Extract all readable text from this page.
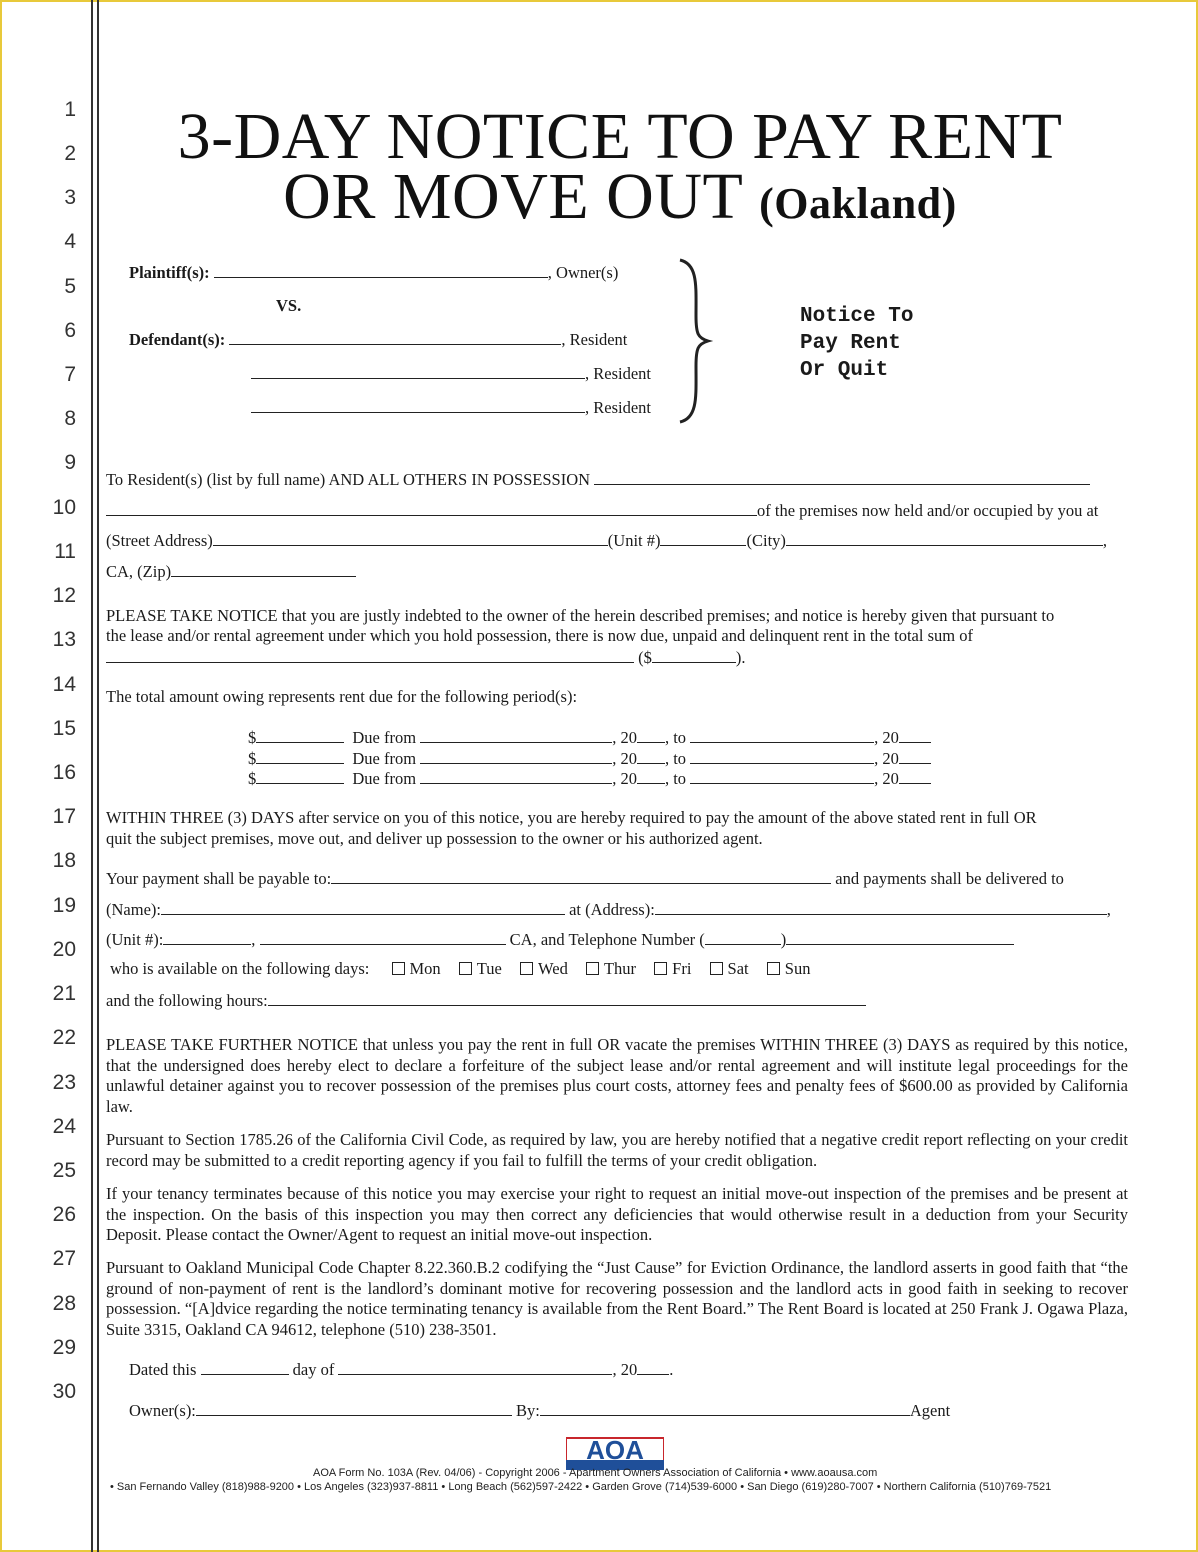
1
2
3
4
5
6
7
8
9
10
11
12
13
14
15
16
17
18
19
20
21
22
23
24
25
26
27
28
29
30
3-DAY NOTICE TO PAY RENT
OR MOVE OUT (Oakland)
Plaintiff(s):	, Owner(s)
VS.
Defendant(s):	, Resident
, Resident
, Resident
Notice To
Pay Rent
Or Quit
To Resident(s) (list by full name) AND ALL OTHERS IN POSSESSION
of the premises now held and/or occupied by you at
(Street Address)	(Unit #)	(City)	,
CA, (Zip)
PLEASE TAKE NOTICE that you are justly indebted to the owner of the herein described premises; and notice is hereby given that pursuant to
the lease and/or rental agreement under which you hold possession, there is now due, unpaid and delinquent rent in the total sum of
($	).
The total amount owing represents rent due for the following period(s):
$	Due from	, 20 , to	, 20
$	Due from	, 20 , to	, 20
$	Due from	, 20 , to	, 20
WITHIN THREE (3) DAYS after service on you of this notice, you are hereby required to pay the amount of the above stated rent in full OR
quit the subject premises, move out, and deliver up possession to the owner or his authorized agent.
Your payment shall be payable to:	and payments shall be delivered to
(Name):	at (Address):	,
(Unit #):	,	CA, and Telephone Number (	)
who is available on the following days: Mon Tue Wed Thur Fri Sat Sun
and the following hours:
PLEASE TAKE FURTHER NOTICE that unless you pay the rent in full OR vacate the premises WITHIN THREE (3) DAYS as required by this notice, that the undersigned does hereby elect to declare a forfeiture of the subject lease and/or rental agreement and will institute legal proceedings for the unlawful detainer against you to recover possession of the premises plus court costs, attorney fees and penalty fees of $600.00 as provided by California law.
Pursuant to Section 1785.26 of the California Civil Code, as required by law, you are hereby notified that a negative credit report reflecting on your credit record may be submitted to a credit reporting agency if you fail to fulfill the terms of your credit obligation.
If your tenancy terminates because of this notice you may exercise your right to request an initial move-out inspection of the premises and be present at the inspection. On the basis of this inspection you may then correct any deficiencies that would otherwise result in a deduction from your Security Deposit. Please contact the Owner/Agent to request an initial move-out inspection.
Pursuant to Oakland Municipal Code Chapter 8.22.360.B.2 codifying the “Just Cause” for Eviction Ordinance, the landlord asserts in good faith that “the ground of non-payment of rent is the landlord’s dominant motive for recovering possession and the landlord acts in good faith in seeking to recover possession. “[A]dvice regarding the notice terminating tenancy is available from the Rent Board.” The Rent Board is located at 250 Frank J. Ogawa Plaza, Suite 3315, Oakland CA 94612, telephone (510) 238-3501.
Dated this	day of	, 20 .
Owner(s):	By:	Agent
AOA
AOA Form No. 103A (Rev. 04/06) - Copyright 2006 - Apartment Owners Association of California • www.aoausa.com
• San Fernando Valley (818)988-9200 • Los Angeles (323)937-8811 • Long Beach (562)597-2422 • Garden Grove (714)539-6000 • San Diego (619)280-7007 • Northern California (510)769-7521
